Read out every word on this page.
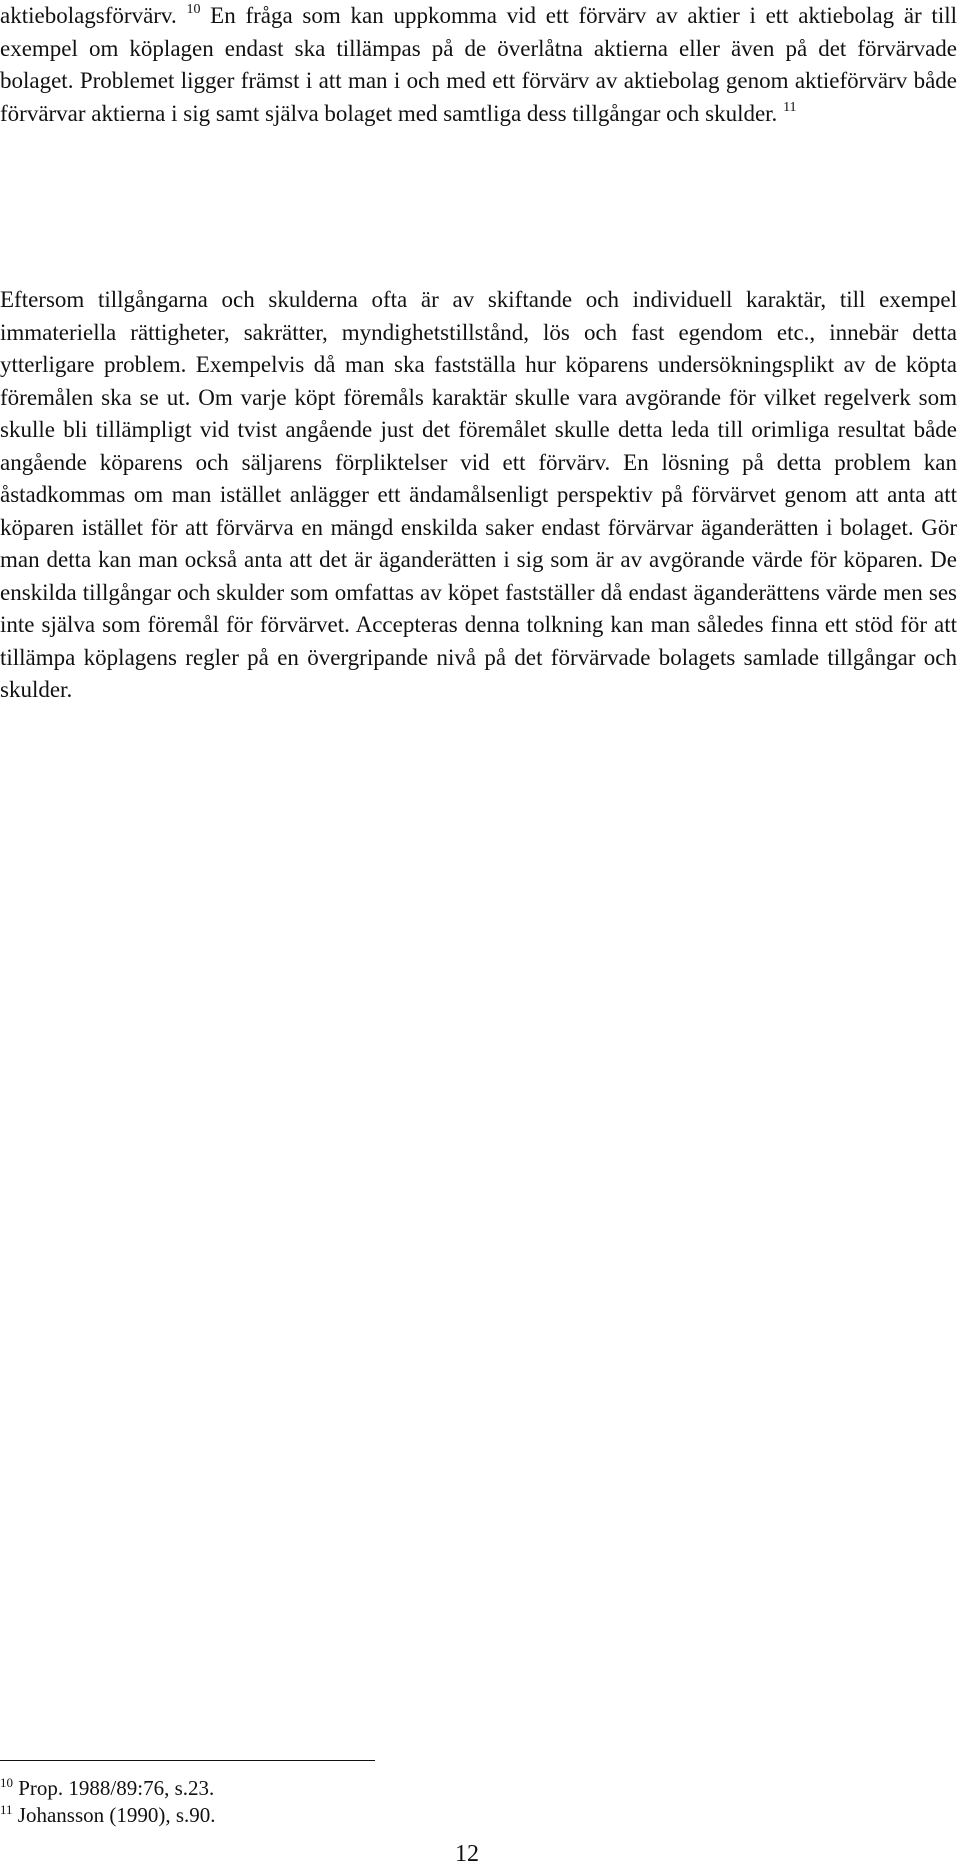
aktiebolagsförvärv. $^{10}$ En fråga som kan uppkomma vid ett förvärv av aktier i ett aktiebolag är till exempel om köplagen endast ska tillämpas på de överlåtna aktierna eller även på det förvärvade bolaget. Problemet ligger främst i att man i och med ett förvärv av aktiebolag genom aktieförvärv både förvärvar aktierna i sig samt själva bolaget med samtliga dess tillgångar och skulder. $^{11}$

Eftersom tillgångarna och skulderna ofta är av skiftande och individuell karaktär, till exempel immateriella rättigheter, sakrätter, myndighetstillstånd, lös och fast egendom etc., innebär detta ytterligare problem. Exempelvis då man ska fastställa hur köparens undersökningsplikt av de köpta föremålen ska se ut. Om varje köpt föremåls karaktär skulle vara avgörande för vilket regelverk som skulle bli tillämpligt vid tvist angående just det föremålet skulle detta leda till orimliga resultat både angående köparens och säljarens förpliktelser vid ett förvärv. En lösning på detta problem kan åstadkommas om man istället anlägger ett ändamålsenligt perspektiv på förvärvet genom att anta att köparen istället för att förvärva en mängd enskilda saker endast förvärvar äganderätten i bolaget. Gör man detta kan man också anta att det är äganderätten i sig som är av avgörande värde för köparen. De enskilda tillgångar och skulder som omfattas av köpet fastställer då endast äganderättens värde men ses inte själva som föremål för förvärvet. Accepteras denna tolkning kan man således finna ett stöd för att tillämpa köplagens regler på en övergripande nivå på det förvärvade bolagets samlade tillgångar och skulder.

$^{10}$ Prop. 1988/89:76, s.23.

$^{11}$ Johansson (1990), s.90.

12
